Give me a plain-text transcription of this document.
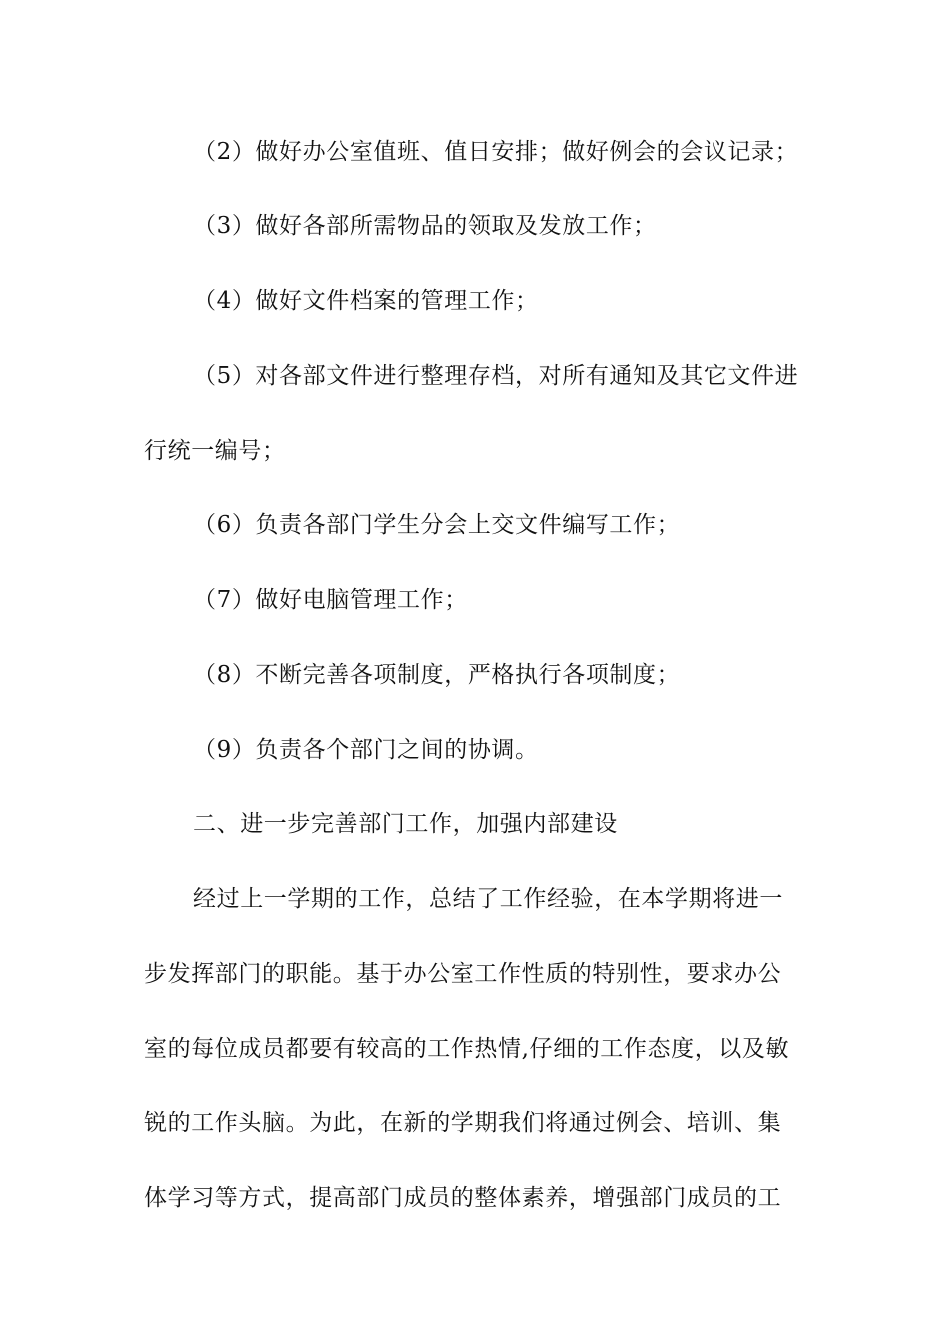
（2）做好办公室值班、值日安排；做好例会的会议记录；
（3）做好各部所需物品的领取及发放工作；
（4）做好文件档案的管理工作；
（5）对各部文件进行整理存档，对所有通知及其它文件进
行统一编号；
（6）负责各部门学生分会上交文件编写工作；
（7）做好电脑管理工作；
（8）不断完善各项制度，严格执行各项制度；
（9）负责各个部门之间的协调。
二、进一步完善部门工作，加强内部建设
经过上一学期的工作，总结了工作经验，在本学期将进一
步发挥部门的职能。基于办公室工作性质的特别性，要求办公
室的每位成员都要有较高的工作热情,仔细的工作态度，以及敏
锐的工作头脑。为此，在新的学期我们将通过例会、培训、集
体学习等方式，提高部门成员的整体素养，增强部门成员的工
